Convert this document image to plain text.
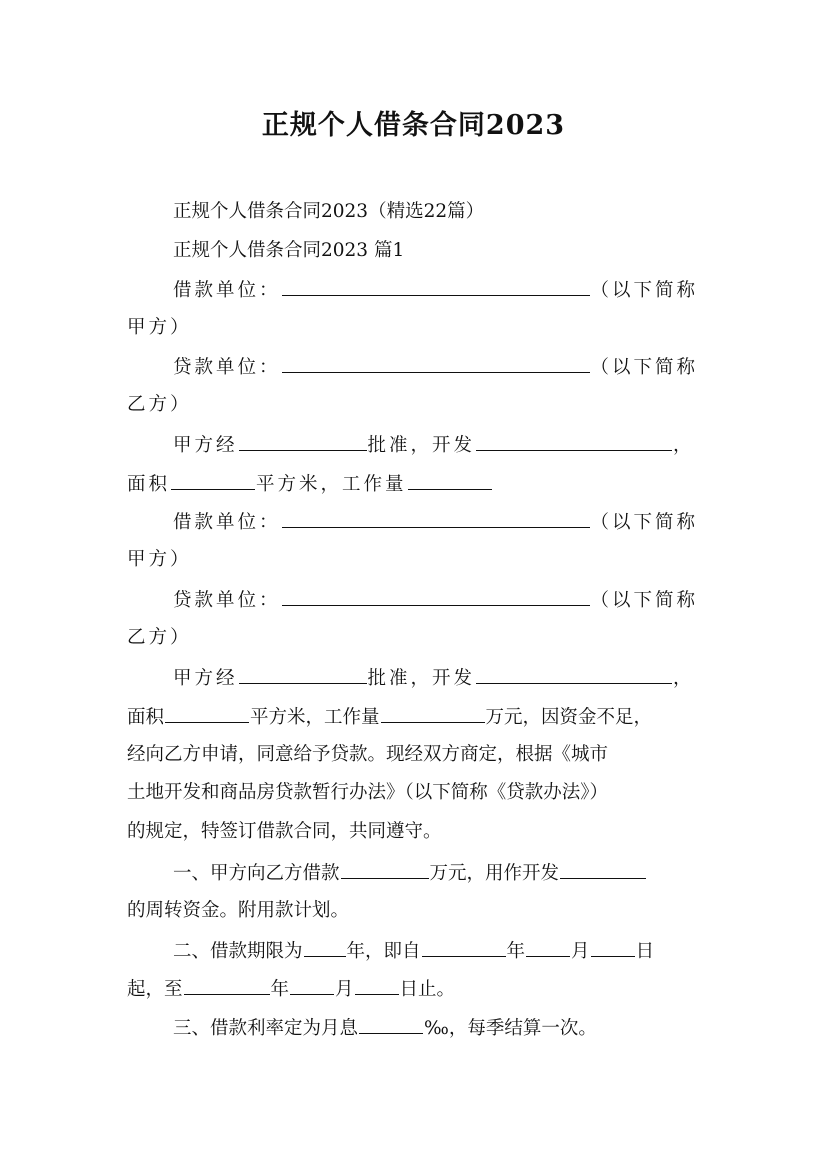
正规个人借条合同2023
正规个人借条合同2023（精选22篇）
正规个人借条合同2023 篇1
借款单位：	（以下简称
甲方）
贷款单位：	（以下简称
乙方）
甲方经	批准，开发	，
面积	平方米，工作量
借款单位：	（以下简称
甲方）
贷款单位：	（以下简称
乙方）
甲方经	批准，开发	，
面积	平方米，工作量	万元，因资金不足，
经向乙方申请，同意给予贷款。现经双方商定，根据《城市
土地开发和商品房贷款暂行办法》（以下简称《贷款办法》）
的规定，特签订借款合同，共同遵守。
一、甲方向乙方借款	万元，用作开发
的周转资金。附用款计划。
二、借款期限为 年，即自	年 月 日
起，至	年 月 日止。
三、借款利率定为月息	‰，每季结算一次。
